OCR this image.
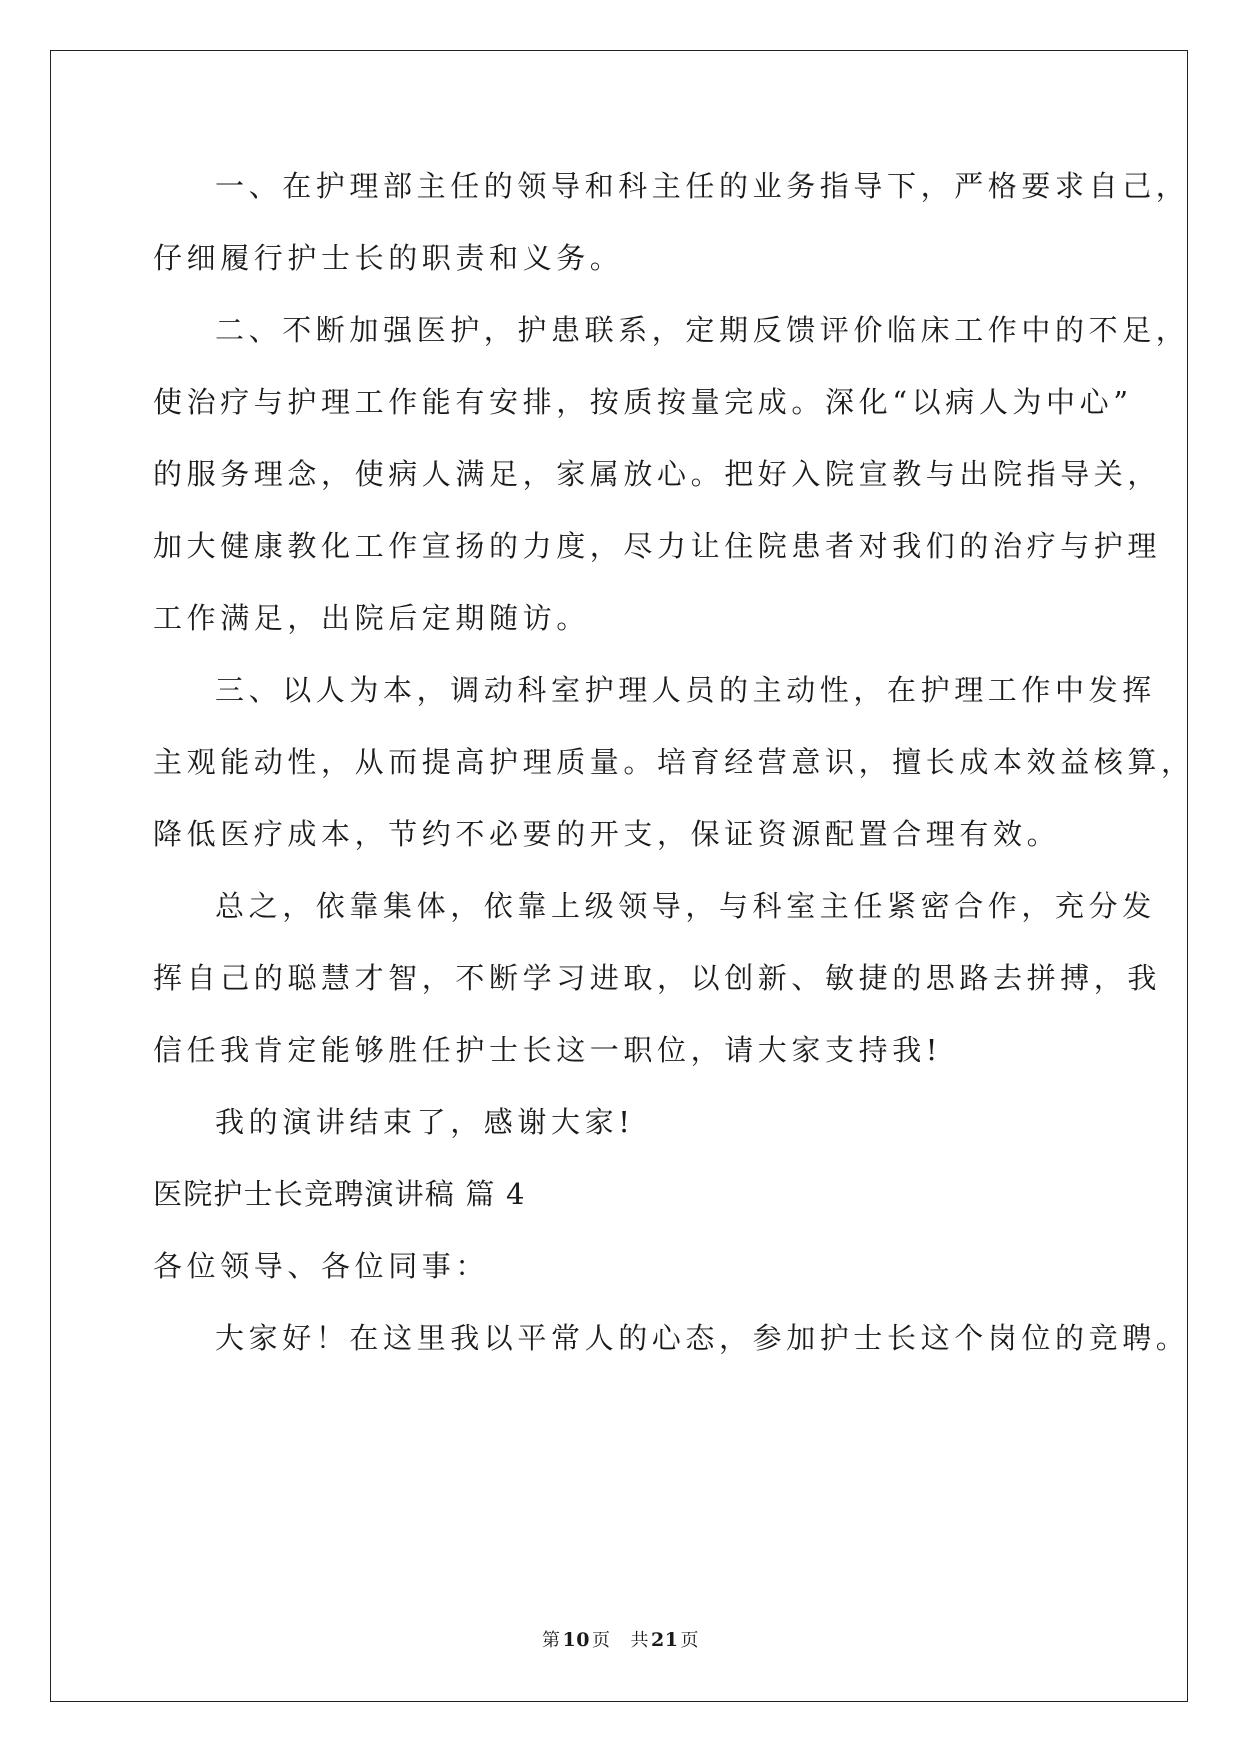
一、在护理部主任的领导和科主任的业务指导下，严格要求自己，
仔细履行护士长的职责和义务。
二、不断加强医护，护患联系，定期反馈评价临床工作中的不足，
使治疗与护理工作能有安排，按质按量完成。深化“以病人为中心”
的服务理念，使病人满足，家属放心。把好入院宣教与出院指导关，
加大健康教化工作宣扬的力度，尽力让住院患者对我们的治疗与护理
工作满足，出院后定期随访。
三、以人为本，调动科室护理人员的主动性，在护理工作中发挥
主观能动性，从而提高护理质量。培育经营意识，擅长成本效益核算，
降低医疗成本，节约不必要的开支，保证资源配置合理有效。
总之，依靠集体，依靠上级领导，与科室主任紧密合作，充分发
挥自己的聪慧才智，不断学习进取，以创新、敏捷的思路去拼搏，我
信任我肯定能够胜任护士长这一职位，请大家支持我!
我的演讲结束了，感谢大家!
医院护士长竞聘演讲稿 篇 4
各位领导、各位同事：
大家好！在这里我以平常人的心态，参加护士长这个岗位的竞聘。
第 10 页 共 21 页
